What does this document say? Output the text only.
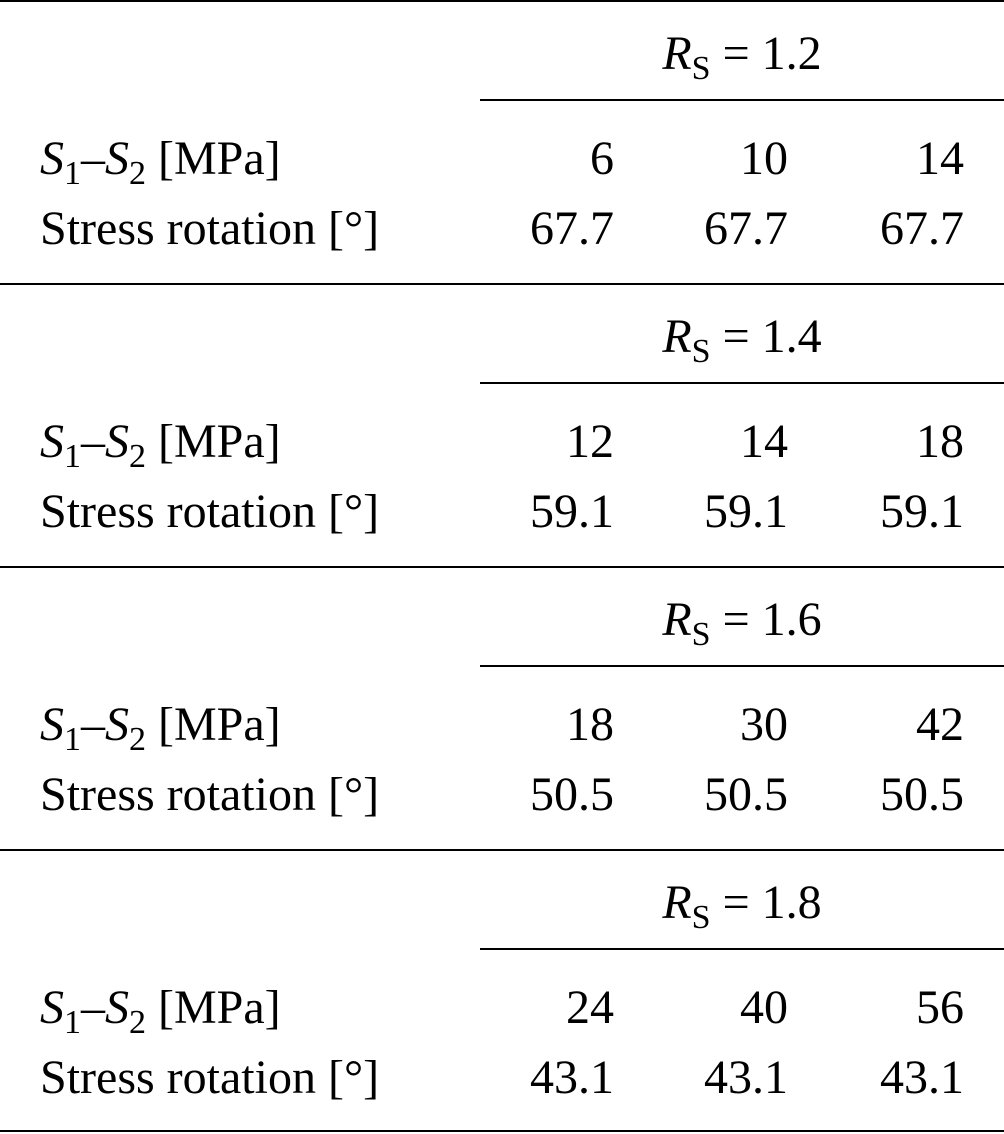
$R_S = 1.2$
$S_1-S_2$ [MPa]	6	10	14
Stress rotation [°]	67.7 67.7 67.7
$R_S = 1.4$
$S_1-S_2$ [MPa]	12	14	18
Stress rotation [°]	59.1 59.1 59.1
$R_S = 1.6$
$S_1-S_2$ [MPa]	18	30	42
Stress rotation [°]	50.5 50.5 50.5
$R_S = 1.8$
$S_1-S_2$ [MPa]	24	40	56
Stress rotation [°]	43.1 43.1 43.1
